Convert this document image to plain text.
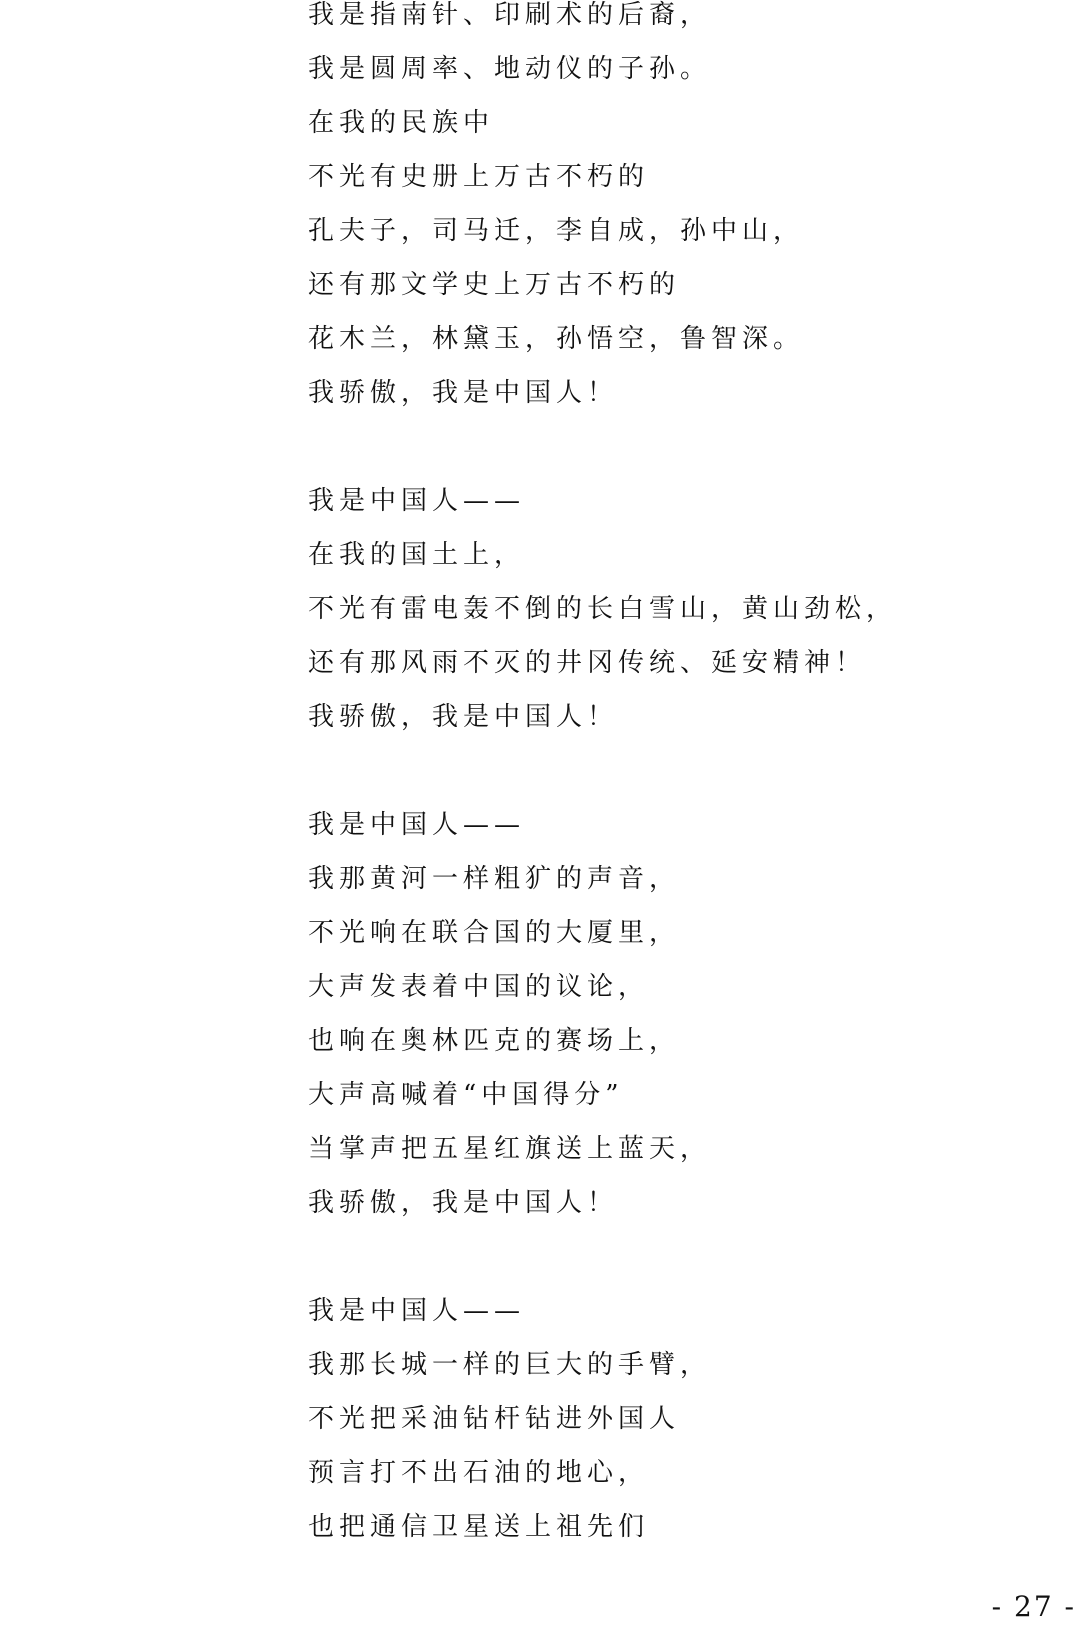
我是指南针、印刷术的后裔，
我是圆周率、地动仪的子孙。
在我的民族中
不光有史册上万古不朽的
孔夫子，司马迁，李自成，孙中山，
还有那文学史上万古不朽的
花木兰，林黛玉，孙悟空，鲁智深。
我骄傲，我是中国人！
我是中国人——
在我的国土上，
不光有雷电轰不倒的长白雪山，黄山劲松，
还有那风雨不灭的井冈传统、延安精神！
我骄傲，我是中国人！
我是中国人——
我那黄河一样粗犷的声音，
不光响在联合国的大厦里，
大声发表着中国的议论，
也响在奥林匹克的赛场上，
大声高喊着“中国得分”
当掌声把五星红旗送上蓝天，
我骄傲，我是中国人！
我是中国人——
我那长城一样的巨大的手臂，
不光把采油钻杆钻进外国人
预言打不出石油的地心，
也把通信卫星送上祖先们
- 27 -
